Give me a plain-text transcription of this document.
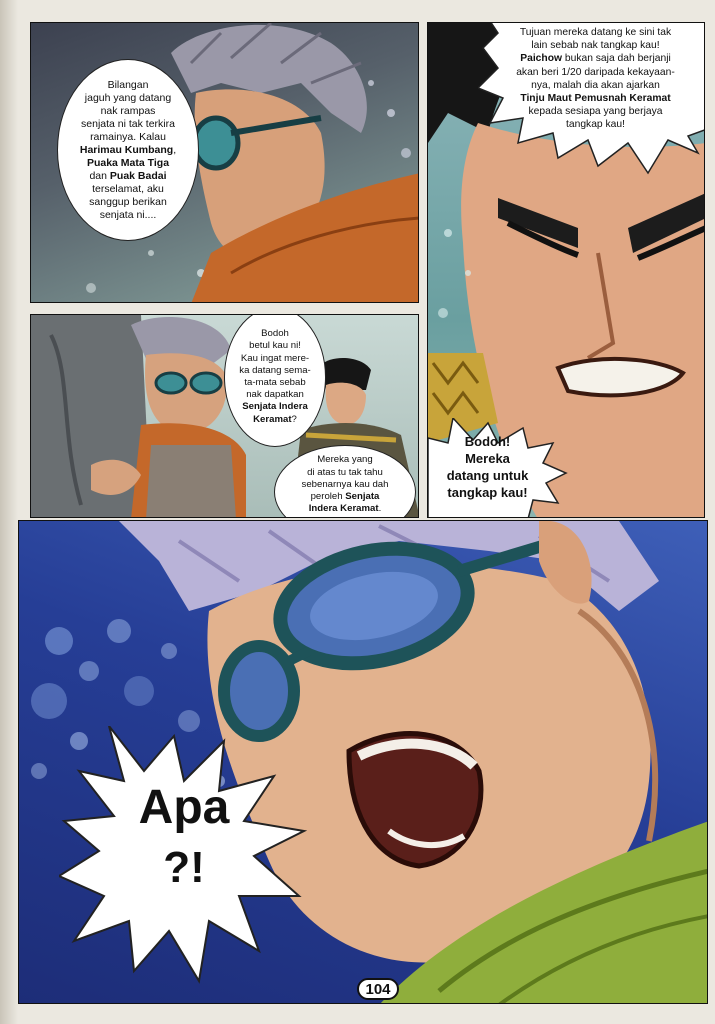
Bilangan
jaguh yang datang
nak rampas
senjata ni tak terkira
ramainya. Kalau
Harimau Kumbang,
Puaka Mata Tiga
dan Puak Badai
terselamat, aku
sanggup berikan
senjata ni....
Tujuan mereka datang ke sini tak
lain sebab nak tangkap kau!
Paichow bukan saja dah berjanji
akan beri 1/20 daripada kekayaan-
nya, malah dia akan ajarkan
Tinju Maut Pemusnah Keramat
kepada sesiapa yang berjaya
tangkap kau!
Bodoh!
Mereka
datang untuk
tangkap kau!
Bodoh
betul kau ni!
Kau ingat mere-
ka datang sema-
ta-mata sebab
nak dapatkan
Senjata Indera
Keramat?
Mereka yang
di atas tu tak tahu
sebenarnya kau dah
peroleh Senjata
Indera Keramat.
Apa
?!
104
